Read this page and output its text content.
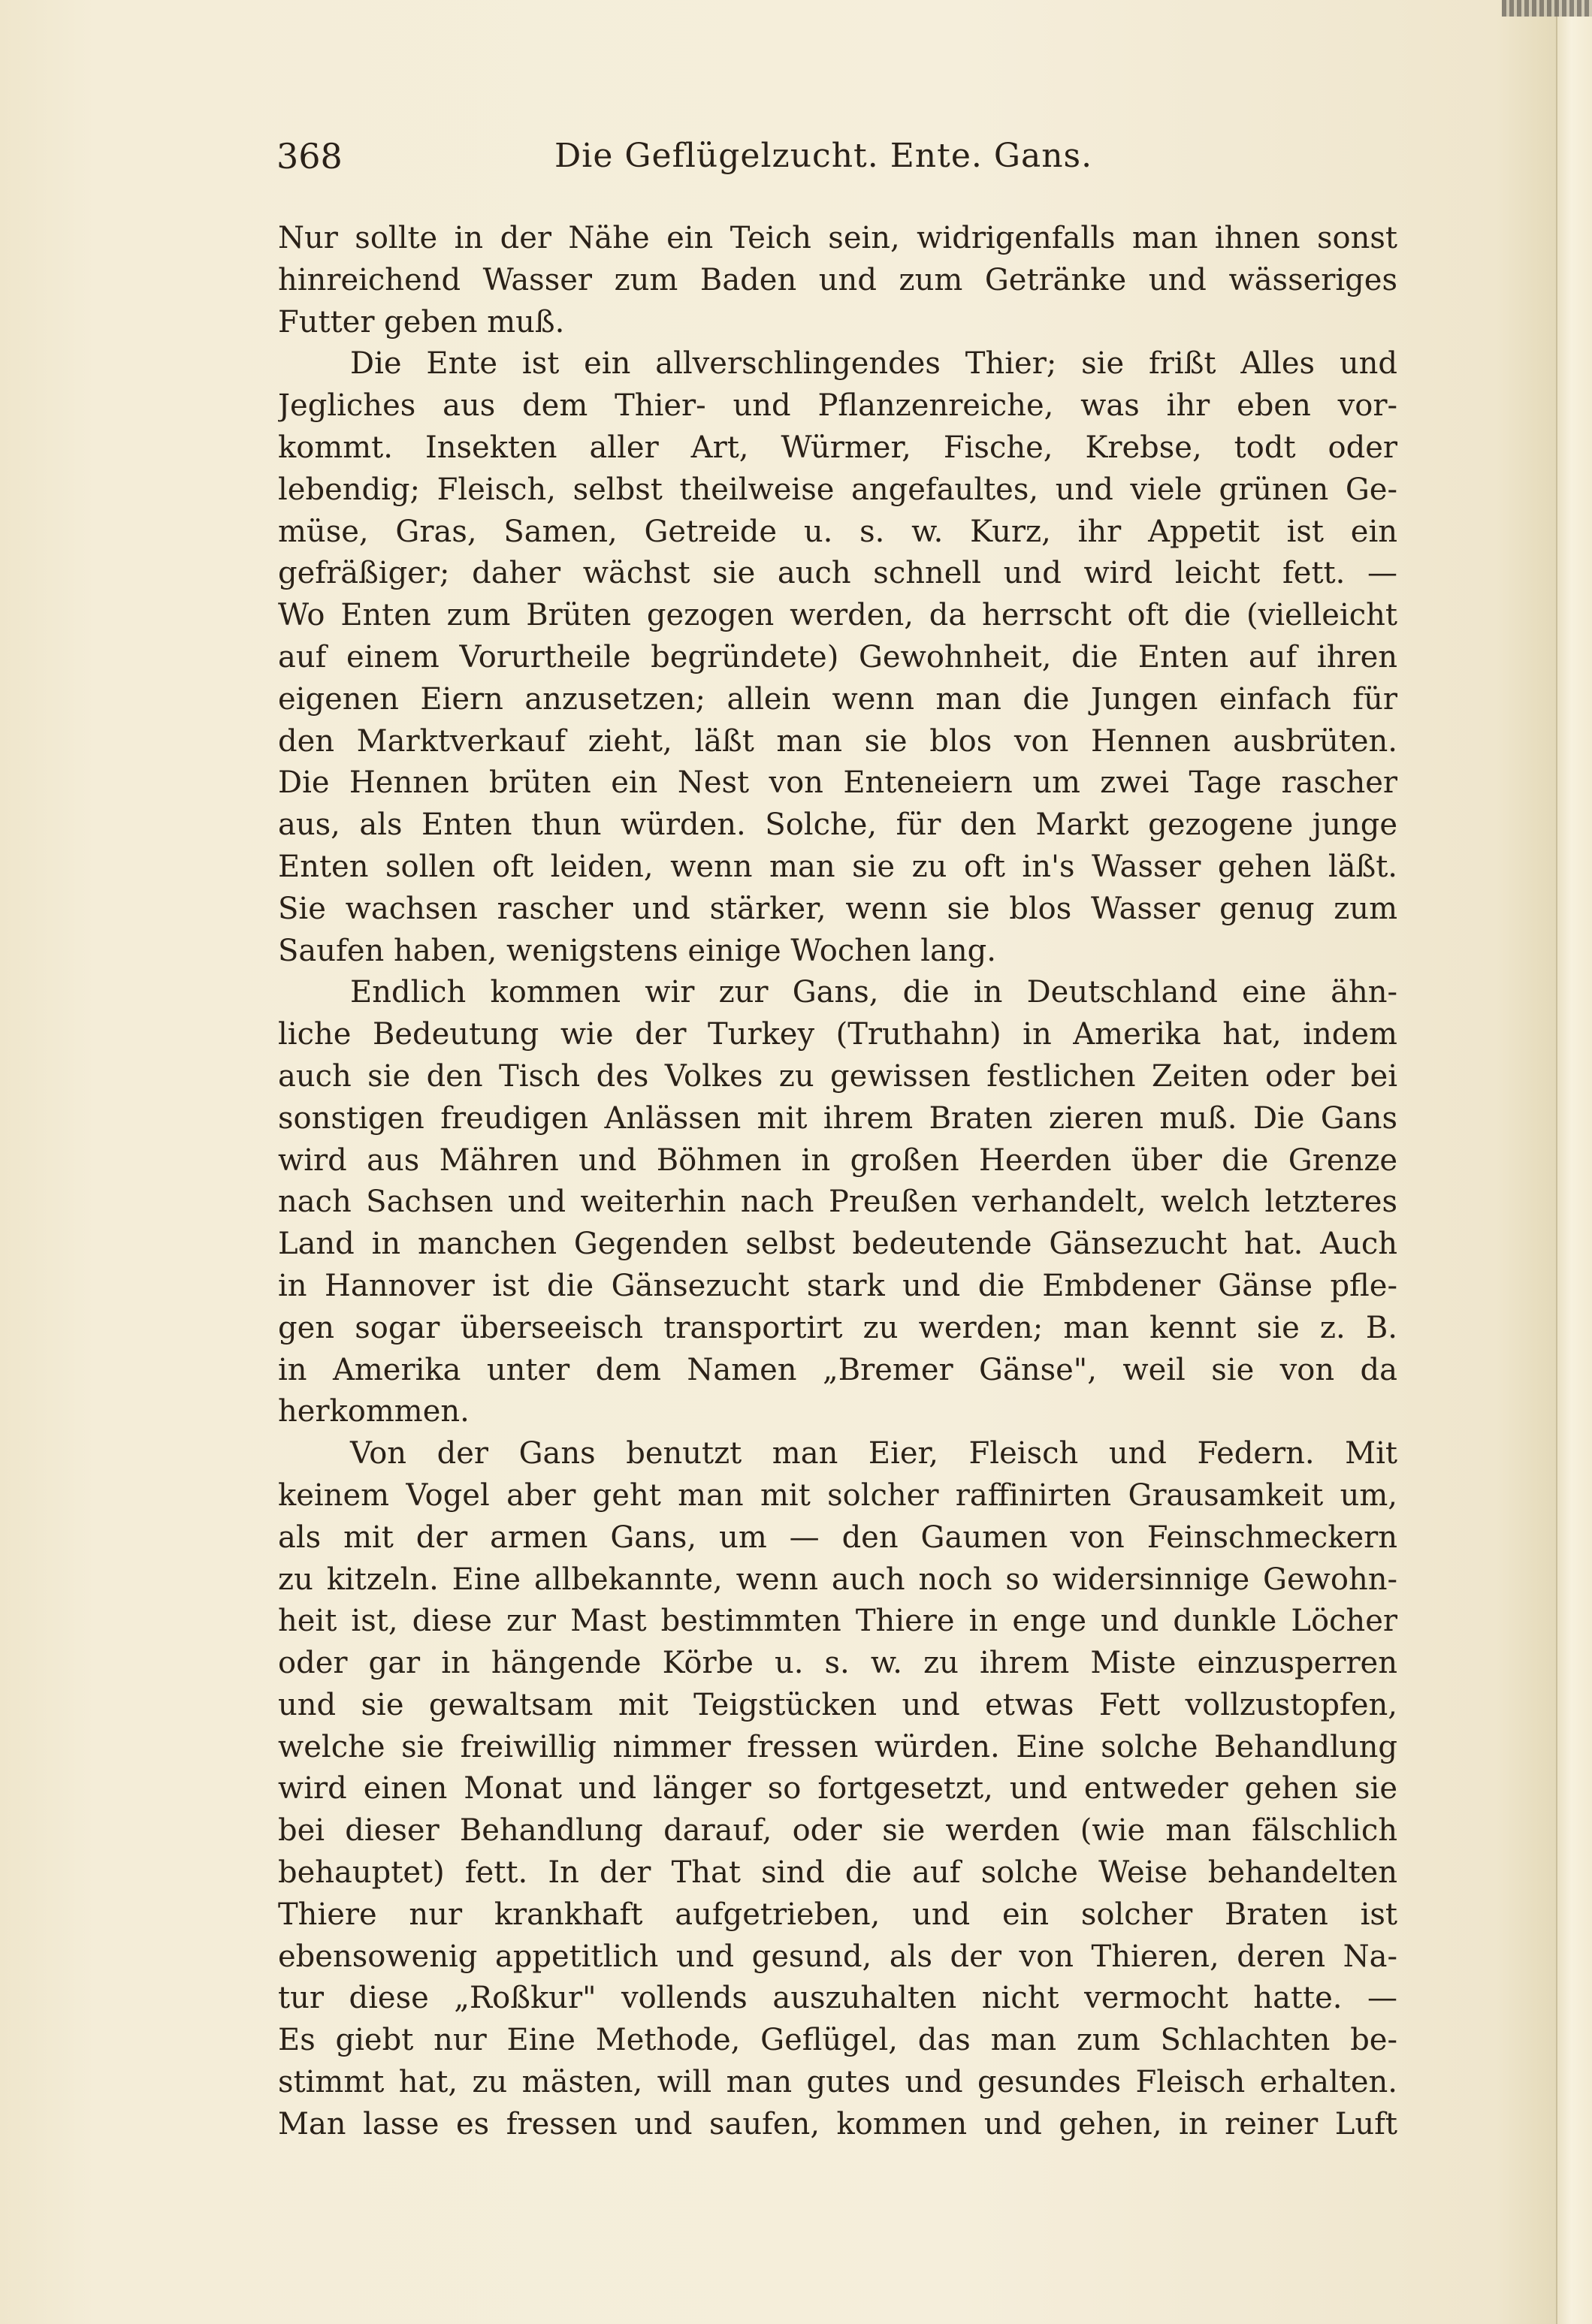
368	Die Geflügelzucht. Ente. Gans.
Nur sollte in der Nähe ein Teich sein, widrigenfalls man ihnen sonst
hinreichend Wasser zum Baden und zum Getränke und wässeriges
Futter geben muß.
Die Ente ist ein allverschlingendes Thier; sie frißt Alles und
Jegliches aus dem Thier- und Pflanzenreiche, was ihr eben vor-
kommt. Insekten aller Art, Würmer, Fische, Krebse, todt oder
lebendig; Fleisch, selbst theilweise angefaultes, und viele grünen Ge-
müse, Gras, Samen, Getreide u. s. w. Kurz, ihr Appetit ist ein
gefräßiger; daher wächst sie auch schnell und wird leicht fett. —
Wo Enten zum Brüten gezogen werden, da herrscht oft die (vielleicht
auf einem Vorurtheile begründete) Gewohnheit, die Enten auf ihren
eigenen Eiern anzusetzen; allein wenn man die Jungen einfach für
den Marktverkauf zieht, läßt man sie blos von Hennen ausbrüten.
Die Hennen brüten ein Nest von Enteneiern um zwei Tage rascher
aus, als Enten thun würden. Solche, für den Markt gezogene junge
Enten sollen oft leiden, wenn man sie zu oft in's Wasser gehen läßt.
Sie wachsen rascher und stärker, wenn sie blos Wasser genug zum
Saufen haben, wenigstens einige Wochen lang.
Endlich kommen wir zur Gans, die in Deutschland eine ähn-
liche Bedeutung wie der Turkey (Truthahn) in Amerika hat, indem
auch sie den Tisch des Volkes zu gewissen festlichen Zeiten oder bei
sonstigen freudigen Anlässen mit ihrem Braten zieren muß. Die Gans
wird aus Mähren und Böhmen in großen Heerden über die Grenze
nach Sachsen und weiterhin nach Preußen verhandelt, welch letzteres
Land in manchen Gegenden selbst bedeutende Gänsezucht hat. Auch
in Hannover ist die Gänsezucht stark und die Embdener Gänse pfle-
gen sogar überseeisch transportirt zu werden; man kennt sie z. B.
in Amerika unter dem Namen „Bremer Gänse", weil sie von da
herkommen.
Von der Gans benutzt man Eier, Fleisch und Federn. Mit
keinem Vogel aber geht man mit solcher raffinirten Grausamkeit um,
als mit der armen Gans, um — den Gaumen von Feinschmeckern
zu kitzeln. Eine allbekannte, wenn auch noch so widersinnige Gewohn-
heit ist, diese zur Mast bestimmten Thiere in enge und dunkle Löcher
oder gar in hängende Körbe u. s. w. zu ihrem Miste einzusperren
und sie gewaltsam mit Teigstücken und etwas Fett vollzustopfen,
welche sie freiwillig nimmer fressen würden. Eine solche Behandlung
wird einen Monat und länger so fortgesetzt, und entweder gehen sie
bei dieser Behandlung darauf, oder sie werden (wie man fälschlich
behauptet) fett. In der That sind die auf solche Weise behandelten
Thiere nur krankhaft aufgetrieben, und ein solcher Braten ist
ebensowenig appetitlich und gesund, als der von Thieren, deren Na-
tur diese „Roßkur" vollends auszuhalten nicht vermocht hatte. —
Es giebt nur Eine Methode, Geflügel, das man zum Schlachten be-
stimmt hat, zu mästen, will man gutes und gesundes Fleisch erhalten.
Man lasse es fressen und saufen, kommen und gehen, in reiner Luft
